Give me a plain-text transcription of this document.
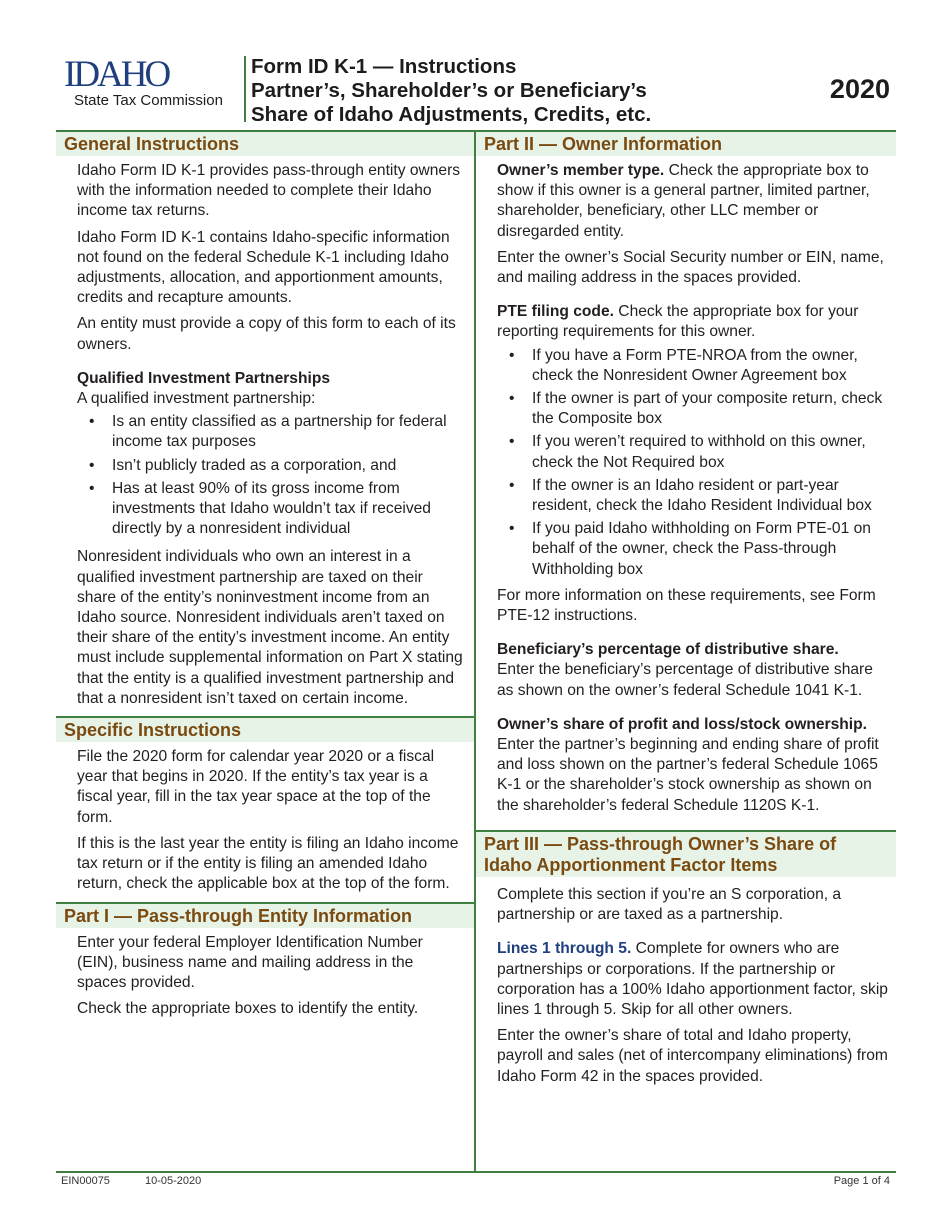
IDAHO
State Tax Commission
Form ID K-1 — Instructions
Partner’s, Shareholder’s or Beneficiary’s
Share of Idaho Adjustments, Credits, etc.
2020
General Instructions

Idaho Form ID K-1 provides pass-through entity owners with the information needed to complete their Idaho income tax returns.

Idaho Form ID K-1 contains Idaho-specific information not found on the federal Schedule K-1 including Idaho adjustments, allocation, and apportionment amounts, credits and recapture amounts.

An entity must provide a copy of this form to each of its owners.

Qualified Investment Partnerships
A qualified investment partnership:
• Is an entity classified as a partnership for federal income tax purposes
• Isn’t publicly traded as a corporation, and
• Has at least 90% of its gross income from investments that Idaho wouldn’t tax if received directly by a nonresident individual

Nonresident individuals who own an interest in a qualified investment partnership are taxed on their share of the entity’s noninvestment income from an Idaho source. Nonresident individuals aren’t taxed on their share of the entity’s investment income. An entity must include supplemental information on Part X stating that the entity is a qualified investment partnership and that a nonresident isn’t taxed on certain income.

Specific Instructions

File the 2020 form for calendar year 2020 or a fiscal year that begins in 2020. If the entity’s tax year is a fiscal year, fill in the tax year space at the top of the form.

If this is the last year the entity is filing an Idaho income tax return or if the entity is filing an amended Idaho return, check the applicable box at the top of the form.

Part I — Pass-through Entity Information

Enter your federal Employer Identification Number (EIN), business name and mailing address in the spaces provided.

Check the appropriate boxes to identify the entity.

Part II — Owner Information

Owner’s member type. Check the appropriate box to show if this owner is a general partner, limited partner, shareholder, beneficiary, other LLC member or disregarded entity.

Enter the owner’s Social Security number or EIN, name, and mailing address in the spaces provided.

PTE filing code. Check the appropriate box for your reporting requirements for this owner.

• If you have a Form PTE-NROA from the owner, check the Nonresident Owner Agreement box
• If the owner is part of your composite return, check the Composite box
• If you weren’t required to withhold on this owner, check the Not Required box
• If the owner is an Idaho resident or part-year resident, check the Idaho Resident Individual box
• If you paid Idaho withholding on Form PTE-01 on behalf of the owner, check the Pass-through Withholding box

For more information on these requirements, see Form PTE-12 instructions.

Beneficiary’s percentage of distributive share.
Enter the beneficiary’s percentage of distributive share as shown on the owner’s federal Schedule 1041 K-1.
Owner’s share of profit and loss/stock ownership.
Enter the partner’s beginning and ending share of profit and loss shown on the partner’s federal Schedule 1065 K-1 or the shareholder’s stock ownership as shown on the shareholder’s federal Schedule 1120S K-1.
Part III — Pass-through Owner’s Share of
Idaho Apportionment Factor Items

Complete this section if you’re an S corporation, a partnership or are taxed as a partnership.

Lines 1 through 5. Complete for owners who are partnerships or corporations. If the partnership or corporation has a 100% Idaho apportionment factor, skip lines 1 through 5. Skip for all other owners.

Enter the owner’s share of total and Idaho property, payroll and sales (net of intercompany eliminations) from Idaho Form 42 in the spaces provided.

EIN00075	10-05-2020	Page 1 of 4
